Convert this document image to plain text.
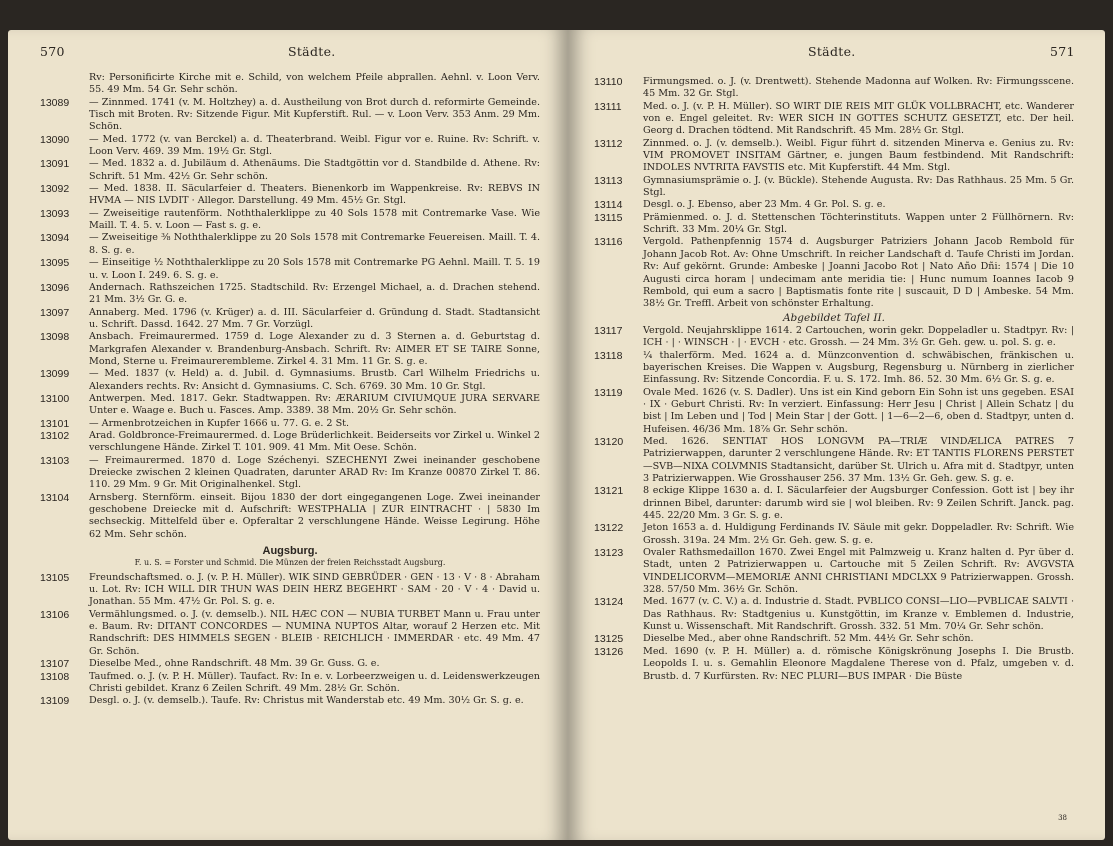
570	Städte.
Rv: Personificirte Kirche mit e. Schild, von welchem Pfeile abprallen. Aehnl. v. Loon Verv. 55. 49 Mm. 54 Gr. Sehr schön.
13089 — Zinnmed. 1741 (v. M. Holtzhey) a. d. Austheilung von Brot durch d. reformirte Gemeinde. Tisch mit Broten. Rv: Sitzende Figur. Mit Kupferstift. Rul. — v. Loon Verv. 353 Anm. 29 Mm. Schön.
13090 — Med. 1772 (v. van Berckel) a. d. Theaterbrand. Weibl. Figur vor e. Ruine. Rv: Schrift. v. Loon Verv. 469. 39 Mm. 19½ Gr. Stgl.
13091 — Med. 1832 a. d. Jubiläum d. Athenäums. Die Stadtgöttin vor d. Standbilde d. Athene. Rv: Schrift. 51 Mm. 42½ Gr. Sehr schön.
13092 — Med. 1838. II. Säcularfeier d. Theaters. Bienenkorb im Wappenkreise. Rv: REBVS IN HVMA — NIS LVDIT · Allegor. Darstellung. 49 Mm. 45½ Gr. Stgl.
13093 — Zweiseitige rautenförm. Noththalerklippe zu 40 Sols 1578 mit Contremarke Vase. Wie Maill. T. 4. 5. v. Loon — Fast s. g. e.
13094 — Zweiseitige ³⁄₈ Noththalerklippe zu 20 Sols 1578 mit Contremarke Feuereisen. Maill. T. 4. 8. S. g. e.
13095 — Einseitige ½ Noththalerklippe zu 20 Sols 1578 mit Contremarke PG Aehnl. Maill. T. 5. 19 u. v. Loon I. 249. 6. S. g. e.
13096 Andernach. Rathszeichen 1725. Stadtschild. Rv: Erzengel Michael, a. d. Drachen stehend. 21 Mm. 3½ Gr. G. e.
13097 Annaberg. Med. 1796 (v. Krüger) a. d. III. Säcularfeier d. Gründung d. Stadt. Stadtansicht u. Schrift. Dassd. 1642. 27 Mm. 7 Gr. Vorzügl.
13098 Ansbach. Freimaurermed. 1759 d. Loge Alexander zu d. 3 Sternen a. d. Geburtstag d. Markgrafen Alexander v. Brandenburg-Ansbach. Schrift. Rv: AIMER ET SE TAIRE Sonne, Mond, Sterne u. Freimaurerembleme. Zirkel 4. 31 Mm. 11 Gr. S. g. e.
13099 — Med. 1837 (v. Held) a. d. Jubil. d. Gymnasiums. Brustb. Carl Wilhelm Friedrichs u. Alexanders rechts. Rv: Ansicht d. Gymnasiums. C. Sch. 6769. 30 Mm. 10 Gr. Stgl.
13100 Antwerpen. Med. 1817. Gekr. Stadtwappen. Rv: ÆRARIUM CIVIUMQUE JURA SERVARE Unter e. Waage e. Buch u. Fasces. Amp. 3389. 38 Mm. 20½ Gr. Sehr schön.
13101 — Armenbrotzeichen in Kupfer 1666 u. 77. G. e. 2 St.
13102 Arad. Goldbronce-Freimaurermed. d. Loge Brüderlichkeit. Beiderseits vor Zirkel u. Winkel 2 verschlungene Hände. Zirkel T. 101. 909. 41 Mm. Mit Oese. Schön.
13103 — Freimaurermed. 1870 d. Loge Széchenyi. SZECHENYI Zwei ineinander geschobene Dreiecke zwischen 2 kleinen Quadraten, darunter ARAD Rv: Im Kranze 00870 Zirkel T. 86. 110. 29 Mm. 9 Gr. Mit Originalhenkel. Stgl.
13104 Arnsberg. Sternförm. einseit. Bijou 1830 der dort eingegangenen Loge. Zwei ineinander geschobene Dreiecke mit d. Aufschrift: WESTPHALIA | ZUR EINTRACHT · | 5830 Im sechseckig. Mittelfeld über e. Opferaltar 2 verschlungene Hände. Weisse Legirung. Höhe 62 Mm. Sehr schön.
Augsburg.
F. u. S. = Forster und Schmid. Die Münzen der freien Reichsstadt Augsburg.
13105 Freundschaftsmed. o. J. (v. P. H. Müller). WIK SIND GEBRÜDER · GEN · 13 · V · 8 · Abraham u. Lot. Rv: ICH WILL DIR THUN WAS DEIN HERZ BEGEHRT · SAM · 20 · V · 4 · David u. Jonathan. 55 Mm. 47½ Gr. Pol. S. g. e.
13106 Vermählungsmed. o. J. (v. demselb.). NIL HÆC CON — NUBIA TURBET Mann u. Frau unter e. Baum. Rv: DITANT CONCORDES — NUMINA NUPTOS Altar, worauf 2 Herzen etc. Mit Randschrift: DES HIMMELS SEGEN · BLEIB · REICHLICH · IMMERDAR · etc. 49 Mm. 47 Gr. Schön.
13107 Dieselbe Med., ohne Randschrift. 48 Mm. 39 Gr. Guss. G. e.
13108 Taufmed. o. J. (v. P. H. Müller). Taufact. Rv: In e. v. Lorbeerzweigen u. d. Leidenswerkzeugen Christi gebildet. Kranz 6 Zeilen Schrift. 49 Mm. 28½ Gr. Schön.
13109 Desgl. o. J. (v. demselb.). Taufe. Rv: Christus mit Wanderstab etc. 49 Mm. 30½ Gr. S. g. e.
Städte.	571
13110 Firmungsmed. o. J. (v. Drentwett). Stehende Madonna auf Wolken. Rv: Firmungsscene. 45 Mm. 32 Gr. Stgl.
13111 Med. o. J. (v. P. H. Müller). SO WIRT DIE REIS MIT GLÜK VOLLBRACHT, etc. Wanderer von e. Engel geleitet. Rv: WER SICH IN GOTTES SCHUTZ GESETZT, etc. Der heil. Georg d. Drachen tödtend. Mit Randschrift. 45 Mm. 28½ Gr. Stgl.
13112 Zinnmed. o. J. (v. demselb.). Weibl. Figur führt d. sitzenden Minerva e. Genius zu. Rv: VIM PROMOVET INSITAM Gärtner, e. jungen Baum festbindend. Mit Randschrift: INDOLES NVTRITA FAVSTIS etc. Mit Kupferstift. 44 Mm. Stgl.
13113 Gymnasiumsprämie o. J. (v. Bückle). Stehende Augusta. Rv: Das Rathhaus. 25 Mm. 5 Gr. Stgl.
13114 Desgl. o. J. Ebenso, aber 23 Mm. 4 Gr. Pol. S. g. e.
13115 Prämienmed. o. J. d. Stettenschen Töchterinstituts. Wappen unter 2 Füllhörnern. Rv: Schrift. 33 Mm. 20¼ Gr. Stgl.
13116 Vergold. Pathenpfennig 1574 d. Augsburger Patriziers Johann Jacob Rembold für Johann Jacob Rot. Av: Ohne Umschrift. In reicher Landschaft d. Taufe Christi im Jordan. Rv: Auf gekörnt. Grunde: Ambeske | Joanni Jacobo Rot | Nato Año Dñi: 1574 | Die 10 Augusti circa horam | undecimam ante meridia tie: | Hunc numum Ioannes Iacob 9 Rembold, qui eum a sacro | Baptismatis fonte rite | suscauit, D D | Ambeske. 54 Mm. 38½ Gr. Treffl. Arbeit von schönster Erhaltung.
Abgebildet Tafel II.
13117 Vergold. Neujahrsklippe 1614. 2 Cartouchen, worin gekr. Doppeladler u. Stadtpyr. Rv: | ICH · | · WINSCH · | · EVCH · etc. Grossh. — 24 Mm. 3½ Gr. Geh. gew. u. pol. S. g. e.
13118 ¼ thalerförm. Med. 1624 a. d. Münzconvention d. schwäbischen, fränkischen u. bayerischen Kreises. Die Wappen v. Augsburg, Regensburg u. Nürnberg in zierlicher Einfassung. Rv: Sitzende Concordia. F. u. S. 172. Imh. 86. 52. 30 Mm. 6½ Gr. S. g. e.
13119 Ovale Med. 1626 (v. S. Dadler). Uns ist ein Kind geborn Ein Sohn ist uns gegeben. ESAI · IX · Geburt Christi. Rv: In verziert. Einfassung: Herr Jesu | Christ | Allein Schatz | du bist | Im Leben und | Tod | Mein Star | der Gott. | 1—6—2—6, oben d. Stadtpyr, unten d. Hufeisen. 46/36 Mm. 18⁷⁄₈ Gr. Sehr schön.
13120 Med. 1626. SENTIAT HOS LONGVM PA—TRIÆ VINDÆLICA PATRES 7 Patrizierwappen, darunter 2 verschlungene Hände. Rv: ET TANTIS FLORENS PERSTET—SVB—NIXA COLVMNIS Stadtansicht, darüber St. Ulrich u. Afra mit d. Stadtpyr, unten 3 Patrizierwappen. Wie Grosshauser 256. 37 Mm. 13½ Gr. Geh. gew. S. g. e.
13121 8 eckige Klippe 1630 a. d. I. Säcularfeier der Augsburger Confession. Gott ist | bey ihr drinnen Bibel, darunter: darumb wird sie | wol bleiben. Rv: 9 Zeilen Schrift. Janck. pag. 445. 22/20 Mm. 3 Gr. S. g. e.
13122 Jeton 1653 a. d. Huldigung Ferdinands IV. Säule mit gekr. Doppeladler. Rv: Schrift. Wie Grossh. 319a. 24 Mm. 2½ Gr. Geh. gew. S. g. e.
13123 Ovaler Rathsmedaillon 1670. Zwei Engel mit Palmzweig u. Kranz halten d. Pyr über d. Stadt, unten 2 Patrizierwappen u. Cartouche mit 5 Zeilen Schrift. Rv: AVGVSTA VINDELICORVM—MEMORIÆ ANNI CHRISTIANI MDCLXX 9 Patrizierwappen. Grossh. 328. 57/50 Mm. 36½ Gr. Schön.
13124 Med. 1677 (v. C. V.) a. d. Industrie d. Stadt. PVBLICO CONSI—LIO—PVBLICAE SALVTI · Das Rathhaus. Rv: Stadtgenius u. Kunstgöttin, im Kranze v. Emblemen d. Industrie, Kunst u. Wissenschaft. Mit Randschrift. Grossh. 332. 51 Mm. 70¼ Gr. Sehr schön.
13125 Dieselbe Med., aber ohne Randschrift. 52 Mm. 44½ Gr. Sehr schön.
13126 Med. 1690 (v. P. H. Müller) a. d. römische Königskrönung Josephs I. Die Brustb. Leopolds I. u. s. Gemahlin Eleonore Magdalene Therese von d. Pfalz, umgeben v. d. Brustb. d. 7 Kurfürsten. Rv: NEC PLURI—BUS IMPAR · Die Büste
38
